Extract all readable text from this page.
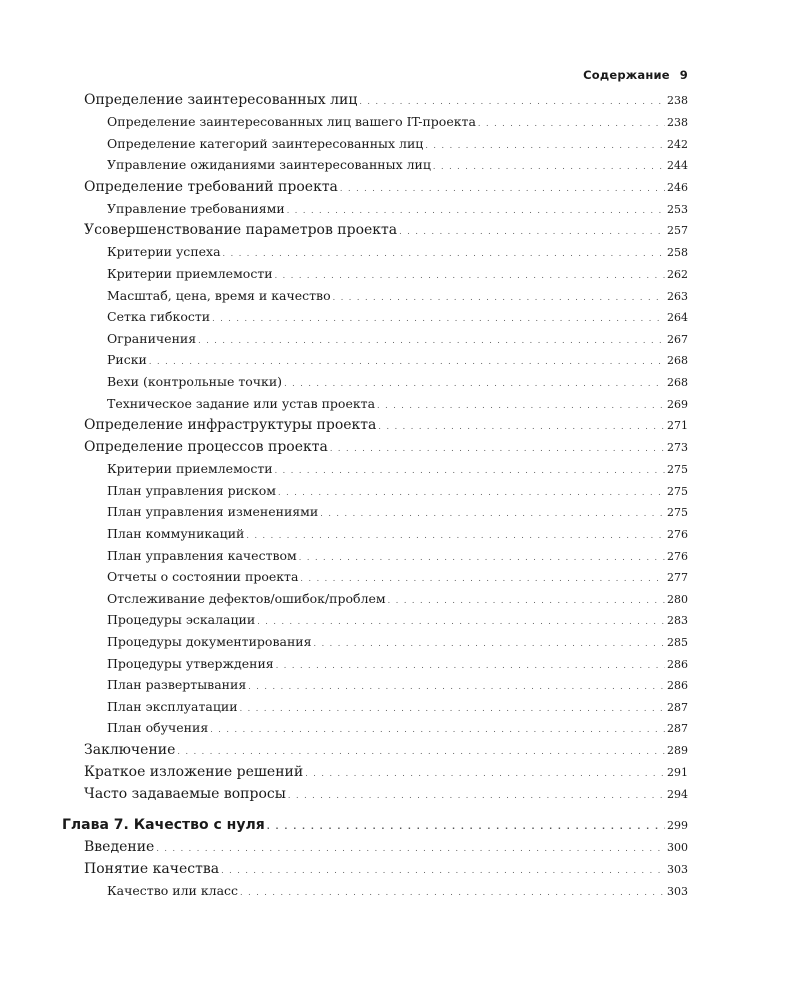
Содержание 9
Определение заинтересованных лиц . . .	238
Определение заинтересованных лиц вашего IT-проекта . . .	238
Определение категорий заинтересованных лиц . . .	242
Управление ожиданиями заинтересованных лиц . . .	244
Определение требований проекта . . .	246
Управление требованиями . . .	253
Усовершенствование параметров проекта . . .	257
Критерии успеха . . .	258
Критерии приемлемости . . .	262
Масштаб, цена, время и качество . . .	263
Сетка гибкости . . .	264
Ограничения . . .	267
Риски . . .	268
Вехи (контрольные точки) . . .	268
Техническое задание или устав проекта . . .	269
Определение инфраструктуры проекта . . .	271
Определение процессов проекта . . .	273
Критерии приемлемости . . .	275
План управления риском . . .	275
План управления изменениями . . .	275
План коммуникаций . . .	276
План управления качеством . . .	276
Отчеты о состоянии проекта . . .	277
Отслеживание дефектов/ошибок/проблем . . .	280
Процедуры эскалации . . .	283
Процедуры документирования . . .	285
Процедуры утверждения . . .	286
План развертывания . . .	286
План эксплуатации . . .	287
План обучения . . .	287
Заключение . . .	289
Краткое изложение решений . . .	291
Часто задаваемые вопросы . . .	294
Глава 7. Качество с нуля . . .	299
Введение . . .	300
Понятие качества . . .	303
Качество или класс . . .	303
